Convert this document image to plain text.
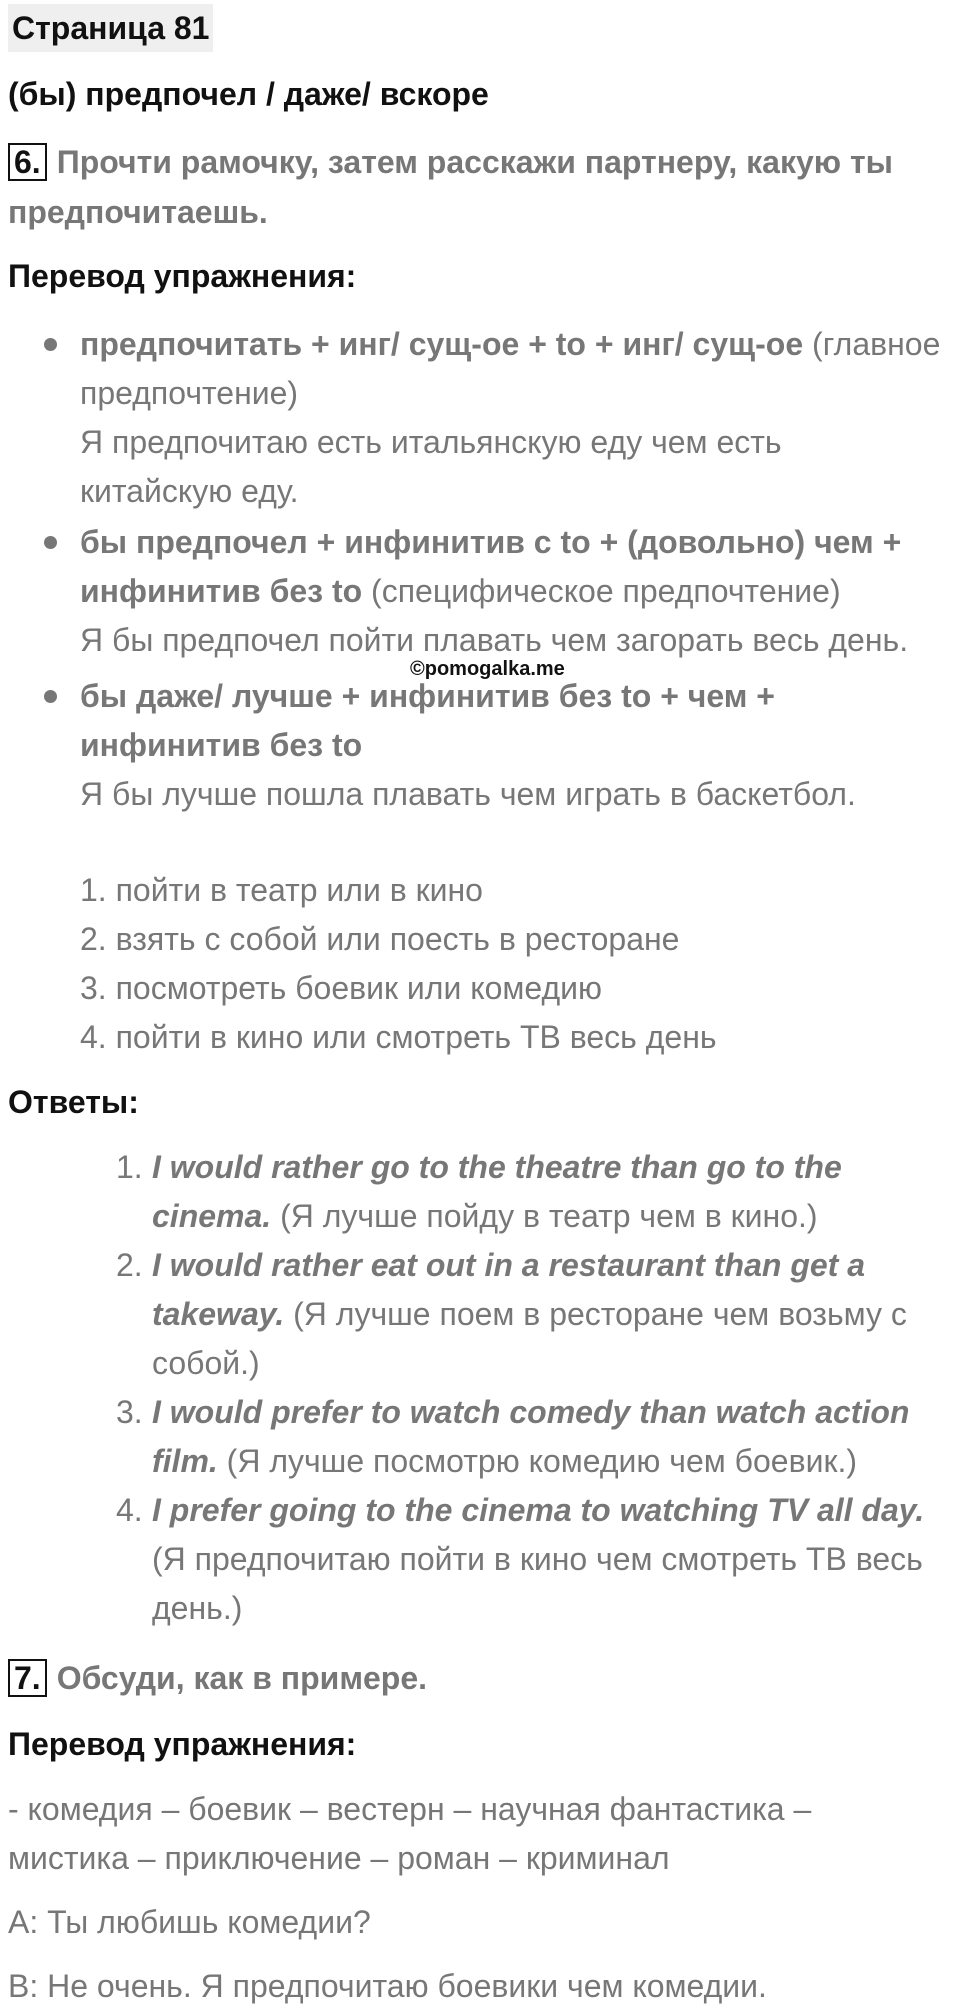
Страница 81
(бы) предпочел / даже/ вскоре
6. Прочти рамочку, затем расскажи партнеру, какую ты
предпочитаешь.
Перевод упражнения:
предпочитать + инг/ сущ-ое + to + инг/ сущ-ое (главное
предпочтение)
Я предпочитаю есть итальянскую еду чем есть
китайскую еду.
бы предпочел + инфинитив с to + (довольно) чем +
инфинитив без to (специфическое предпочтение)
Я бы предпочел пойти плавать чем загорать весь день.
©pomogalka.me
бы даже/ лучше + инфинитив без to + чем +
инфинитив без to
Я бы лучше пошла плавать чем играть в баскетбол.
1. пойти в театр или в кино
2. взять с собой или поесть в ресторане
3. посмотреть боевик или комедию
4. пойти в кино или смотреть ТВ весь день
Ответы:
1. I would rather go to the theatre than go to the
cinema. (Я лучше пойду в театр чем в кино.)
2. I would rather eat out in a restaurant than get a
takeway. (Я лучше поем в ресторане чем возьму с
собой.)
3. I would prefer to watch comedy than watch action
film. (Я лучше посмотрю комедию чем боевик.)
4. I prefer going to the cinema to watching TV all day.
(Я предпочитаю пойти в кино чем смотреть ТВ весь
день.)
7. Обсуди, как в примере.
Перевод упражнения:
- комедия – боевик – вестерн – научная фантастика –
мистика – приключение – роман – криминал
A: Ты любишь комедии?
B: Не очень. Я предпочитаю боевики чем комедии.
